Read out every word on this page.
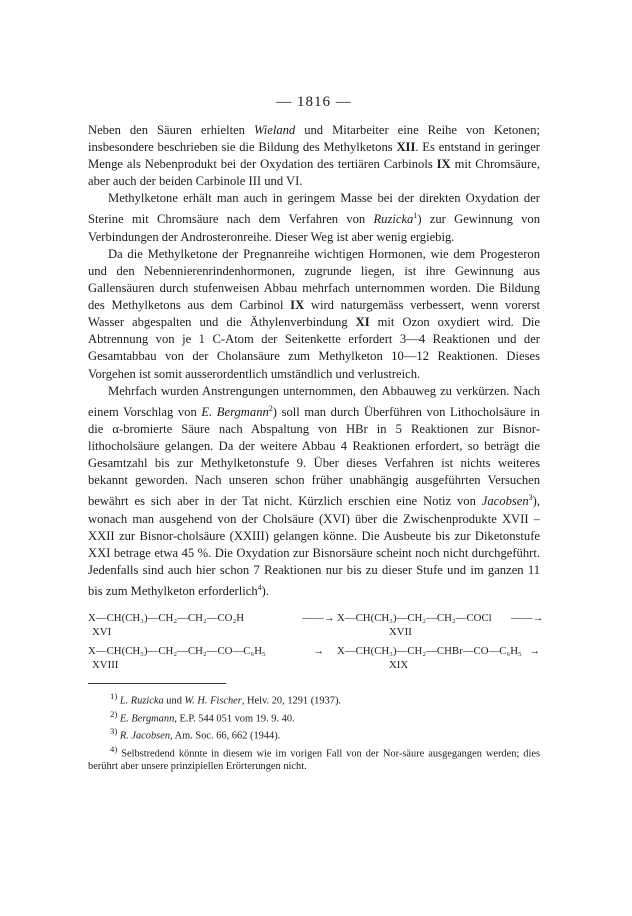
— 1816 —

Neben den Säuren erhielten Wieland und Mitarbeiter eine Reihe von Ketonen; insbesondere beschrieben sie die Bildung des Methylketons XII. Es entstand in geringer Menge als Nebenprodukt bei der Oxydation des tertiären Carbinols IX mit Chromsäure, aber auch der beiden Carbinole III und VI.

Methylketone erhält man auch in geringem Masse bei der direkten Oxydation der Sterine mit Chromsäure nach dem Verfahren von Ruzicka$^1$) zur Gewinnung von Verbindungen der Androsteronreihe. Dieser Weg ist aber wenig ergiebig.

Da die Methylketone der Pregnanreihe wichtigen Hormonen, wie dem Progesteron und den Nebennierenrindenhormonen, zugrunde liegen, ist ihre Gewinnung aus Gallensäuren durch stufenweisen Abbau mehrfach unternommen worden. Die Bildung des Methylketons aus dem Carbinol IX wird naturgemäss verbessert, wenn vorerst Wasser abgespalten und die Äthylenverbindung XI mit Ozon oxydiert wird. Die Abtrennung von je 1 C-Atom der Seitenkette erfordert 3—4 Reaktionen und der Gesamtabbau von der Cholansäure zum Methylketon 10—12 Reaktionen. Dieses Vorgehen ist somit ausserordentlich umständlich und verlustreich.

Mehrfach wurden Anstrengungen unternommen, den Abbauweg zu verkürzen. Nach einem Vorschlag von E. Bergmann$^2$) soll man durch Überführen von Lithocholsäure in die α-bromierte Säure nach Abspaltung von HBr in 5 Reaktionen zur Bisnor-lithocholsäure gelangen. Da der weitere Abbau 4 Reaktionen erfordert, so beträgt die Gesamtzahl bis zur Methylketonstufe 9. Über dieses Verfahren ist nichts weiteres bekannt geworden. Nach unseren schon früher unabhängig ausgeführten Versuchen bewährt es sich aber in der Tat nicht. Kürzlich erschien eine Notiz von Jacobsen$^3$), wonach man ausgehend von der Cholsäure (XVI) über die Zwischenprodukte XVII – XXII zur Bisnor-cholsäure (XXIII) gelangen könne. Die Ausbeute bis zur Diketonstufe XXI betrage etwa 45 %. Die Oxydation zur Bisnorsäure scheint noch nicht durchgeführt. Jedenfalls sind auch hier schon 7 Reaktionen nur bis zu dieser Stufe und im ganzen 11 bis zum Methylketon erforderlich$^4$).

X—CH(CH₃)—CH₂—CH₂—CO₂H	——→ X—CH(CH₃)—CH₂—CH₂—COCl	——→
XVI	XVII
X—CH(CH₃)—CH₂—CH₂—CO—C₆H₅	→	X—CH(CH₃)—CH₂—CHBr—CO—C₆H₅ →
XVIII	XIX
$^{1)}$ L. Ruzicka und W. H. Fischer, Helv. 20, 1291 (1937).
$^{2)}$ E. Bergmann, E.P. 544 051 vom 19. 9. 40.
$^{3)}$ R. Jacobsen, Am. Soc. 66, 662 (1944).
$^{4)}$ Selbstredend könnte in diesem wie im vorigen Fall von der Nor-säure ausgegangen werden; dies berührt aber unsere prinzipiellen Erörterungen nicht.
